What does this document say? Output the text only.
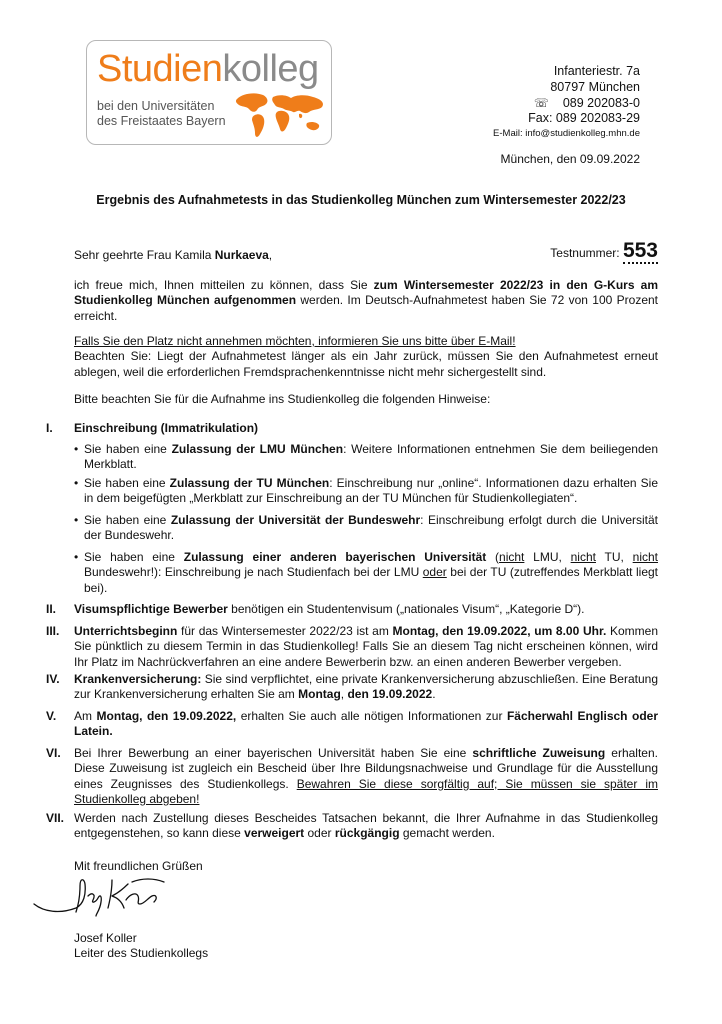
Studienkolleg
bei den Universitäten
des Freistaates Bayern
Infanteriestr. 7a
80797 München
☏ 089 202083-0
Fax: 089 202083-29
E-Mail: info@studienkolleg.mhn.de
München, den 09.09.2022
Ergebnis des Aufnahmetests in das Studienkolleg München zum Wintersemester 2022/23
Sehr geehrte Frau Kamila Nurkaeva,	Testnummer: 553
ich freue mich, Ihnen mitteilen zu können, dass Sie zum Wintersemester 2022/23 in den G-Kurs am Studienkolleg München aufgenommen werden. Im Deutsch-Aufnahmetest haben Sie 72 von 100 Prozent erreicht.
Falls Sie den Platz nicht annehmen möchten, informieren Sie uns bitte über E-Mail!
Beachten Sie: Liegt der Aufnahmetest länger als ein Jahr zurück, müssen Sie den Aufnahmetest erneut ablegen, weil die erforderlichen Fremdsprachenkenntnisse nicht mehr sichergestellt sind.
Bitte beachten Sie für die Aufnahme ins Studienkolleg die folgenden Hinweise:
I. Einschreibung (Immatrikulation)
• Sie haben eine Zulassung der LMU München: Weitere Informationen entnehmen Sie dem beiliegenden Merkblatt.
• Sie haben eine Zulassung der TU München: Einschreibung nur „online“. Informationen dazu erhalten Sie in dem beigefügten „Merkblatt zur Einschreibung an der TU München für Studienkollegiaten“.
• Sie haben eine Zulassung der Universität der Bundeswehr: Einschreibung erfolgt durch die Universität der Bundeswehr.
• Sie haben eine Zulassung einer anderen bayerischen Universität (nicht LMU, nicht TU, nicht Bundeswehr!): Einschreibung je nach Studienfach bei der LMU oder bei der TU (zutreffendes Merkblatt liegt bei).
II. Visumspflichtige Bewerber benötigen ein Studentenvisum („nationales Visum“, „Kategorie D“).
III. Unterrichtsbeginn für das Wintersemester 2022/23 ist am Montag, den 19.09.2022, um 8.00 Uhr. Kommen Sie pünktlich zu diesem Termin in das Studienkolleg! Falls Sie an diesem Tag nicht erscheinen können, wird Ihr Platz im Nachrückverfahren an eine andere Bewerberin bzw. an einen anderen Bewerber vergeben.
IV. Krankenversicherung: Sie sind verpflichtet, eine private Krankenversicherung abzuschließen. Eine Beratung zur Krankenversicherung erhalten Sie am Montag, den 19.09.2022.
V. Am Montag, den 19.09.2022, erhalten Sie auch alle nötigen Informationen zur Fächerwahl Englisch oder Latein.
VI. Bei Ihrer Bewerbung an einer bayerischen Universität haben Sie eine schriftliche Zuweisung erhalten. Diese Zuweisung ist zugleich ein Bescheid über Ihre Bildungsnachweise und Grundlage für die Ausstellung eines Zeugnisses des Studienkollegs. Bewahren Sie diese sorgfältig auf; Sie müssen sie später im Studienkolleg abgeben!
VII. Werden nach Zustellung dieses Bescheides Tatsachen bekannt, die Ihrer Aufnahme in das Studienkolleg entgegenstehen, so kann diese verweigert oder rückgängig gemacht werden.
Mit freundlichen Grüßen
Josef Koller
Leiter des Studienkollegs
